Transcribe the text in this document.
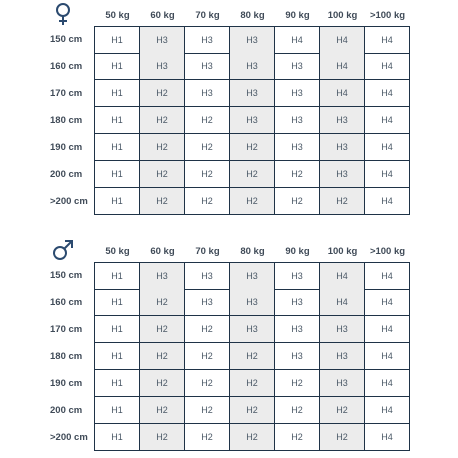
50 kg	60 kg	70 kg	80 kg	90 kg	100 kg	>100 kg
150 cm	H1	H3	H3	H3	H4	H4	H4
160 cm	H1	H3	H3	H3	H3	H4	H4
170 cm	H1	H2	H3	H3	H3	H4	H4
180 cm	H1	H2	H2	H3	H3	H3	H4
190 cm	H1	H2	H2	H2	H3	H3	H4
200 cm	H1	H2	H2	H2	H2	H3	H4
>200 cm	H1	H2	H2	H2	H2	H2	H4
50 kg	60 kg	70 kg	80 kg	90 kg	100 kg	>100 kg
150 cm	H1	H3	H3	H3	H3	H4	H4
160 cm	H1	H2	H3	H3	H3	H4	H4
170 cm	H1	H2	H2	H3	H3	H3	H4
180 cm	H1	H2	H2	H2	H3	H3	H4
190 cm	H1	H2	H2	H2	H2	H3	H4
200 cm	H1	H2	H2	H2	H2	H2	H4
>200 cm	H1	H2	H2	H2	H2	H2	H4
